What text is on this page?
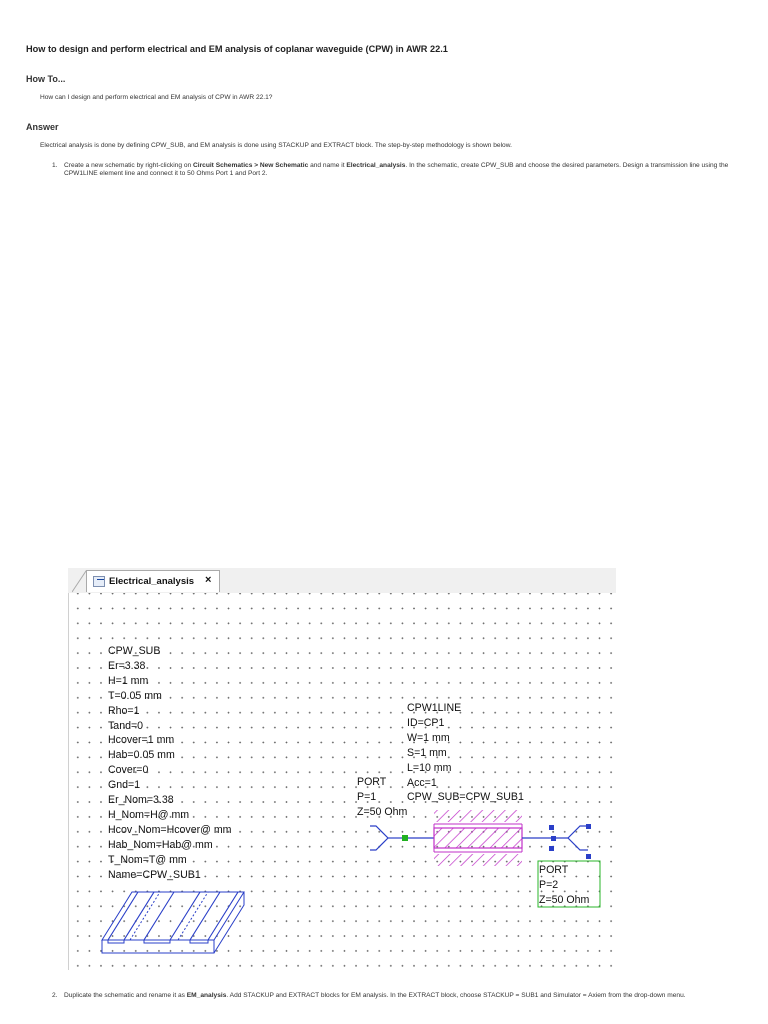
How to design and perform electrical and EM analysis of coplanar waveguide (CPW) in AWR 22.1
How To...
How can I design and perform electrical and EM analysis of CPW in AWR 22.1?
Answer
Electrical analysis is done by defining CPW_SUB, and EM analysis is done using STACKUP and EXTRACT block. The step-by-step methodology is shown below.
1. Create a new schematic by right-clicking on Circuit Schematics > New Schematic and name it Electrical_analysis. In the schematic, create CPW_SUB and choose the desired parameters. Design a transmission line using the CPW1LINE element line and connect it to 50 Ohms Port 1 and Port 2.
Electrical_analysis ×
CPW_SUB
Er=3.38
H=1 mm
T=0.05 mm
Rho=1
Tand=0
Hcover=1 mm
Hab=0.05 mm
Cover=0
Gnd=1
Er_Nom=3.38
H_Nom=H@ mm
Hcov_Nom=Hcover@ mm
Hab_Nom=Hab@ mm
T_Nom=T@ mm
Name=CPW_SUB1
CPW1LINE
ID=CP1
W=1 mm
S=1 mm
L=10 mm
Acc=1
CPW_SUB=CPW_SUB1
PORT
P=1
Z=50 Ohm
PORT
P=2
Z=50 Ohm
2. Duplicate the schematic and rename it as EM_analysis. Add STACKUP and EXTRACT blocks for EM analysis. In the EXTRACT block, choose STACKUP = SUB1 and Simulator = Axiem from the drop-down menu.
